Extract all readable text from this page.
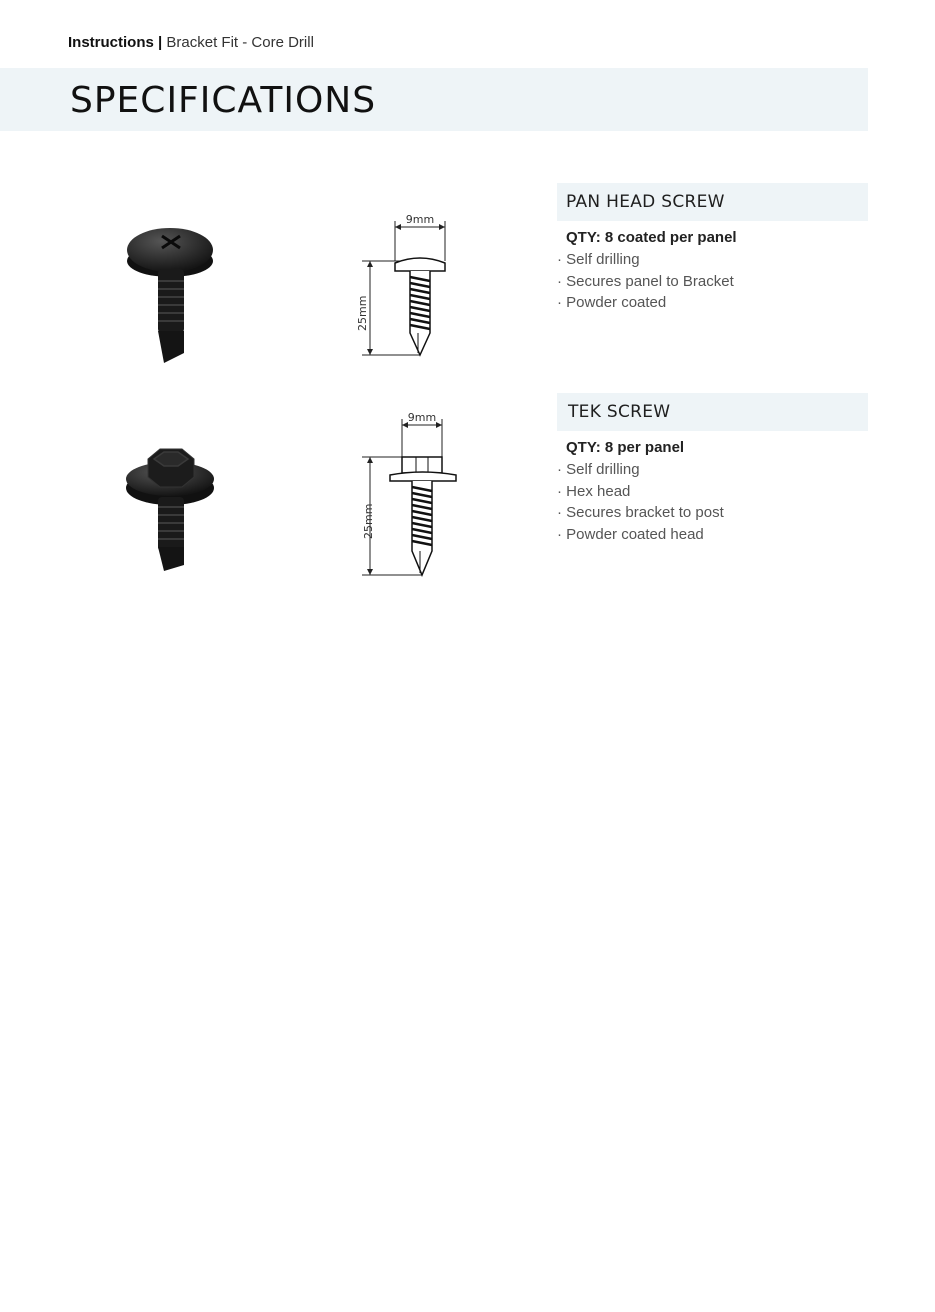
Instructions | Bracket Fit - Core Drill
SPECIFICATIONS
9mm
25mm
PAN HEAD SCREW
QTY: 8 coated per panel
· Self drilling
· Secures panel to Bracket
· Powder coated
9mm
25mm
TEK SCREW
QTY: 8 per panel
· Self drilling
· Hex head
· Secures bracket to post
· Powder coated head
